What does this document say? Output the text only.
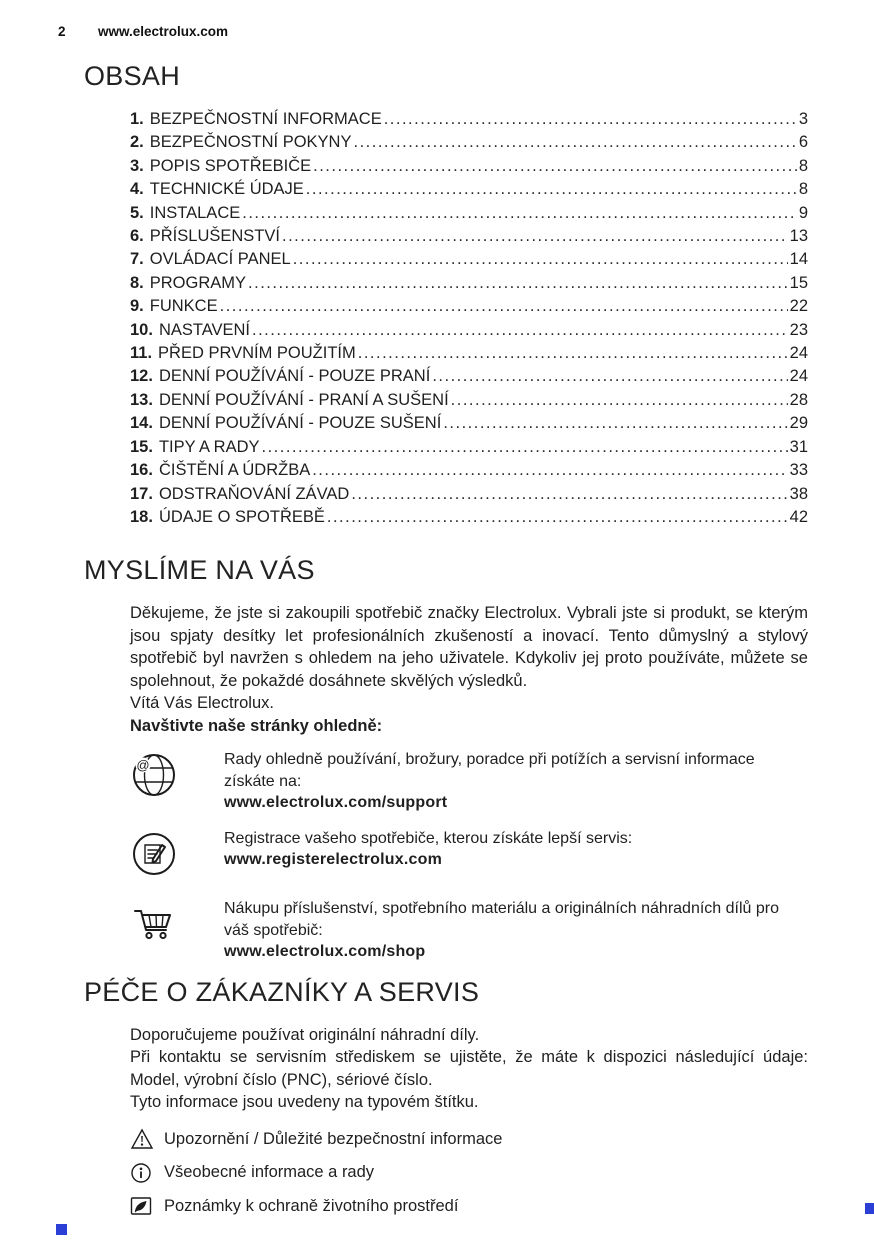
2	www.electrolux.com
OBSAH
1. BEZPEČNOSTNÍ INFORMACE .....	3
2. BEZPEČNOSTNÍ POKYNY .....	6
3. POPIS SPOTŘEBIČE .....	8
4. TECHNICKÉ ÚDAJE .....	8
5. INSTALACE .....	9
6. PŘÍSLUŠENSTVÍ .....	13
7. OVLÁDACÍ PANEL .....	14
8. PROGRAMY .....	15
9. FUNKCE .....	22
10. NASTAVENÍ .....	23
11. PŘED PRVNÍM POUŽITÍM .....	24
12. DENNÍ POUŽÍVÁNÍ - POUZE PRANÍ .....	24
13. DENNÍ POUŽÍVÁNÍ - PRANÍ A SUŠENÍ .....	28
14. DENNÍ POUŽÍVÁNÍ - POUZE SUŠENÍ .....	29
15. TIPY A RADY .....	31
16. ČIŠTĚNÍ A ÚDRŽBA .....	33
17. ODSTRAŇOVÁNÍ ZÁVAD .....	38
18. ÚDAJE O SPOTŘEBĚ .....	42
MYSLÍME NA VÁS

Děkujeme, že jste si zakoupili spotřebič značky Electrolux. Vybrali jste si produkt, se kterým jsou spjaty desítky let profesionálních zkušeností a inovací. Tento důmyslný a stylový spotřebič byl navržen s ohledem na jeho uživatele. Kdykoliv jej proto používáte, můžete se spolehnout, že pokaždé dosáhnete skvělých výsledků.

Vítá Vás Electrolux.

Navštivte naše stránky ohledně:

@	Rady ohledně používání, brožury, poradce při potížích a servisní informace získáte na:
www.electrolux.com/support
Registrace vašeho spotřebiče, kterou získáte lepší servis:
www.registerelectrolux.com
Nákupu příslušenství, spotřebního materiálu a originálních náhradních dílů pro váš spotřebič:
www.electrolux.com/shop
PÉČE O ZÁKAZNÍKY A SERVIS

Doporučujeme používat originální náhradní díly.

Při kontaktu se servisním střediskem se ujistěte, že máte k dispozici následující údaje: Model, výrobní číslo (PNC), sériové číslo.

Tyto informace jsou uvedeny na typovém štítku.

Upozornění / Důležité bezpečnostní informace
Všeobecné informace a rady
Poznámky k ochraně životního prostředí
